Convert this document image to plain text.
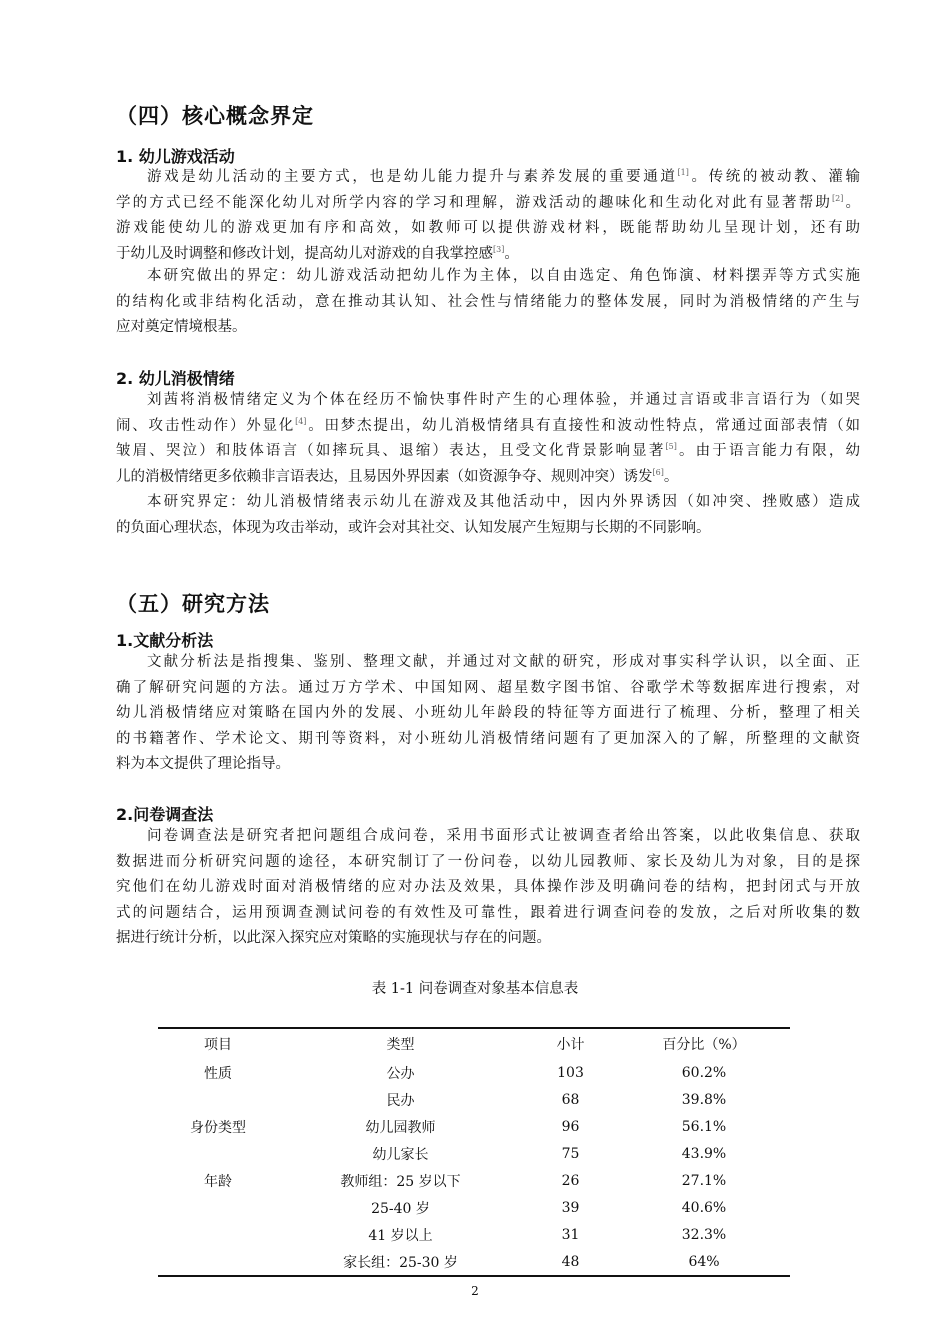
（四）核心概念界定
1. 幼儿游戏活动
游戏是幼儿活动的主要方式，也是幼儿能力提升与素养发展的重要通道[1]。传统的被动教、灌输
学的方式已经不能深化幼儿对所学内容的学习和理解，游戏活动的趣味化和生动化对此有显著帮助[2]。
游戏能使幼儿的游戏更加有序和高效，如教师可以提供游戏材料，既能帮助幼儿呈现计划，还有助
于幼儿及时调整和修改计划，提高幼儿对游戏的自我掌控感[3]。
本研究做出的界定：幼儿游戏活动把幼儿作为主体，以自由选定、角色饰演、材料摆弄等方式实施
的结构化或非结构化活动，意在推动其认知、社会性与情绪能力的整体发展，同时为消极情绪的产生与
应对奠定情境根基。
2. 幼儿消极情绪
刘茜将消极情绪定义为个体在经历不愉快事件时产生的心理体验，并通过言语或非言语行为（如哭
闹、攻击性动作）外显化[4]。田梦杰提出，幼儿消极情绪具有直接性和波动性特点，常通过面部表情（如
皱眉、哭泣）和肢体语言（如摔玩具、退缩）表达，且受文化背景影响显著[5]。由于语言能力有限，幼
儿的消极情绪更多依赖非言语表达，且易因外界因素（如资源争夺、规则冲突）诱发[6]。
本研究界定：幼儿消极情绪表示幼儿在游戏及其他活动中，因内外界诱因（如冲突、挫败感）造成
的负面心理状态，体现为攻击举动，或许会对其社交、认知发展产生短期与长期的不同影响。
（五）研究方法
1.文献分析法
文献分析法是指搜集、鉴别、整理文献，并通过对文献的研究，形成对事实科学认识，以全面、正
确了解研究问题的方法。通过万方学术、中国知网、超星数字图书馆、谷歌学术等数据库进行搜索，对
幼儿消极情绪应对策略在国内外的发展、小班幼儿年龄段的特征等方面进行了梳理、分析，整理了相关
的书籍著作、学术论文、期刊等资料，对小班幼儿消极情绪问题有了更加深入的了解，所整理的文献资
料为本文提供了理论指导。
2.问卷调查法
问卷调查法是研究者把问题组合成问卷，采用书面形式让被调查者给出答案，以此收集信息、获取
数据进而分析研究问题的途径，本研究制订了一份问卷，以幼儿园教师、家长及幼儿为对象，目的是探
究他们在幼儿游戏时面对消极情绪的应对办法及效果，具体操作涉及明确问卷的结构，把封闭式与开放
式的问题结合，运用预调查测试问卷的有效性及可靠性，跟着进行调查问卷的发放，之后对所收集的数
据进行统计分析，以此深入探究应对策略的实施现状与存在的问题。
表 1-1 问卷调查对象基本信息表
项目	类型	小计	百分比（%）
性质	公办	103	60.2%
	民办	68	39.8%
身份类型	幼儿园教师	96	56.1%
	幼儿家长	75	43.9%
年龄	教师组：25 岁以下	26	27.1%
	25-40 岁	39	40.6%
	41 岁以上	31	32.3%
	家长组：25-30 岁	48	64%
2
